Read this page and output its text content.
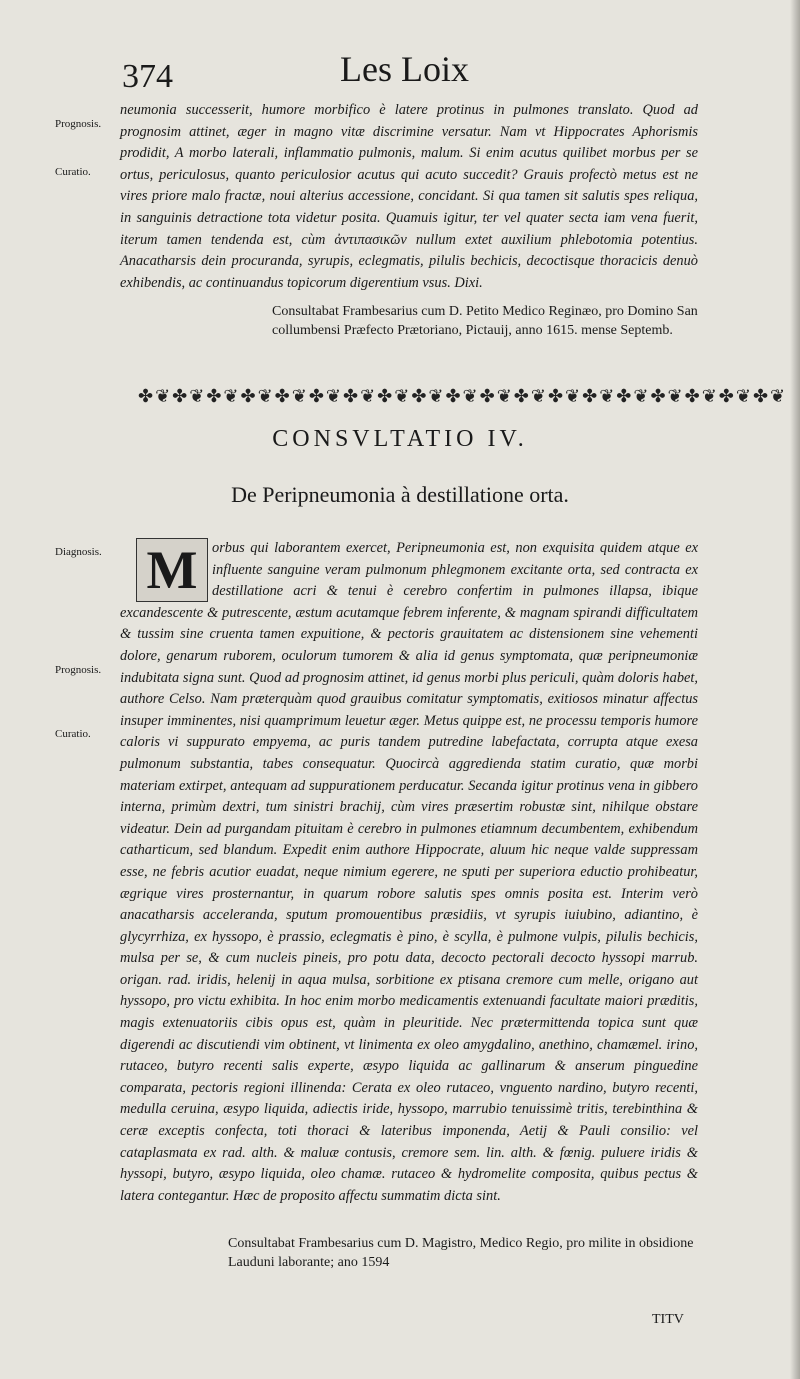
374	Les Loix
Prognosis.
Curatio.
neumonia successerit, humore morbifico è latere protinus in pulmones translato. Quod ad prognosim attinet, æger in magno vitæ discrimine versatur. Nam vt Hippocrates Aphorismis prodidit, A morbo laterali, inflammatio pulmonis, malum. Si enim acutus quilibet morbus per se ortus, periculosus, quanto periculosior acutus qui acuto succedit? Grauis profectò metus est ne vires priore malo fractæ, noui alterius accessione, concidant. Si qua tamen sit salutis spes reliqua, in sanguinis detractione tota videtur posita. Quamuis igitur, ter vel quater secta iam vena fuerit, iterum tamen tendenda est, cùm ἀντιπασικῶν nullum extet auxilium phlebotomia potentius. Anacatharsis dein procuranda, syrupis, eclegmatis, pilulis bechicis, decoctisque thoracicis denuò exhibendis, ac continuandus topicorum digerentium vsus. Dixi.
Consultabat Frambesarius cum D. Petito Medico Reginæo, pro Domino San collumbensi Præfecto Prætoriano, Pictauij, anno 1615. mense Septemb.
✤❦✤❦✤❦✤❦✤❦✤❦✤❦✤❦✤❦✤❦✤❦✤❦✤❦✤❦✤❦✤❦✤❦✤❦✤❦
CONSVLTATIO IV.
De Peripneumonia à destillatione orta.
Diagnosis.
Prognosis.
Curatio.
orbus qui laborantem exercet, Peripneumonia est, non exquisita quidem atque ex influente sanguine veram pulmonum phlegmonem excitante orta, sed contracta ex destillatione acri & tenui è cerebro confertim in pulmones illapsa, ibique excandescente & putrescente, æstum acutamque febrem inferente, & magnam spirandi difficultatem & tussim sine cruenta tamen expuitione, & pectoris grauitatem ac distensionem sine vehementi dolore, genarum ruborem, oculorum tumorem & alia id genus symptomata, quæ peripneumoniæ indubitata signa sunt. Quod ad prognosim attinet, id genus morbi plus periculi, quàm doloris habet, authore Celso. Nam præterquàm quod grauibus comitatur symptomatis, exitiosos minatur affectus insuper imminentes, nisi quamprimum leuetur æger. Metus quippe est, ne processu temporis humore caloris vi suppurato empyema, ac puris tandem putredine labefactata, corrupta atque exesa pulmonum substantia, tabes consequatur. Quocircà aggredienda statim curatio, quæ morbi materiam extirpet, antequam ad suppurationem perducatur. Secanda igitur protinus vena in gibbero interna, primùm dextri, tum sinistri brachij, cùm vires præsertim robustæ sint, nihilque obstare videatur. Dein ad purgandam pituitam è cerebro in pulmones etiamnum decumbentem, exhibendum catharticum, sed blandum. Expedit enim authore Hippocrate, aluum hic neque valde suppressam esse, ne febris acutior euadat, neque nimium egerere, ne sputi per superiora eductio prohibeatur, ægrique vires prosternantur, in quarum robore salutis spes omnis posita est. Interim verò anacatharsis acceleranda, sputum promouentibus præsidiis, vt syrupis iuiubino, adiantino, è glycyrrhiza, ex hyssopo, è prassio, eclegmatis è pino, è scylla, è pulmone vulpis, pilulis bechicis, mulsa per se, & cum nucleis pineis, pro potu data, decocto pectorali decocto hyssopi marrub. origan. rad. iridis, helenij in aqua mulsa, sorbitione ex ptisana cremore cum melle, origano aut hyssopo, pro victu exhibita. In hoc enim morbo medicamentis extenuandi facultate maiori præditis, magis extenuatoriis cibis opus est, quàm in pleuritide. Nec prætermittenda topica sunt quæ digerendi ac discutiendi vim obtinent, vt linimenta ex oleo amygdalino, anethino, chamæmel. irino, rutaceo, butyro recenti salis experte, æsypo liquida ac gallinarum & anserum pinguedine comparata, pectoris regioni illinenda: Cerata ex oleo rutaceo, vnguento nardino, butyro recenti, medulla ceruina, æsypo liquida, adiectis iride, hyssopo, marrubio tenuissimè tritis, terebinthina & ceræ exceptis confecta, toti thoraci & lateribus imponenda, Aetij & Pauli consilio: vel cataplasmata ex rad. alth. & maluæ contusis, cremore sem. lin. alth. & fœnig. puluere iridis & hyssopi, butyro, æsypo liquida, oleo chamæ. rutaceo & hydromelite composita, quibus pectus & latera contegantur. Hæc de proposito affectu summatim dicta sint.
M
Consultabat Frambesarius cum D. Magistro, Medico Regio, pro milite in obsidione Lauduni laborante; ano 1594
TITV
